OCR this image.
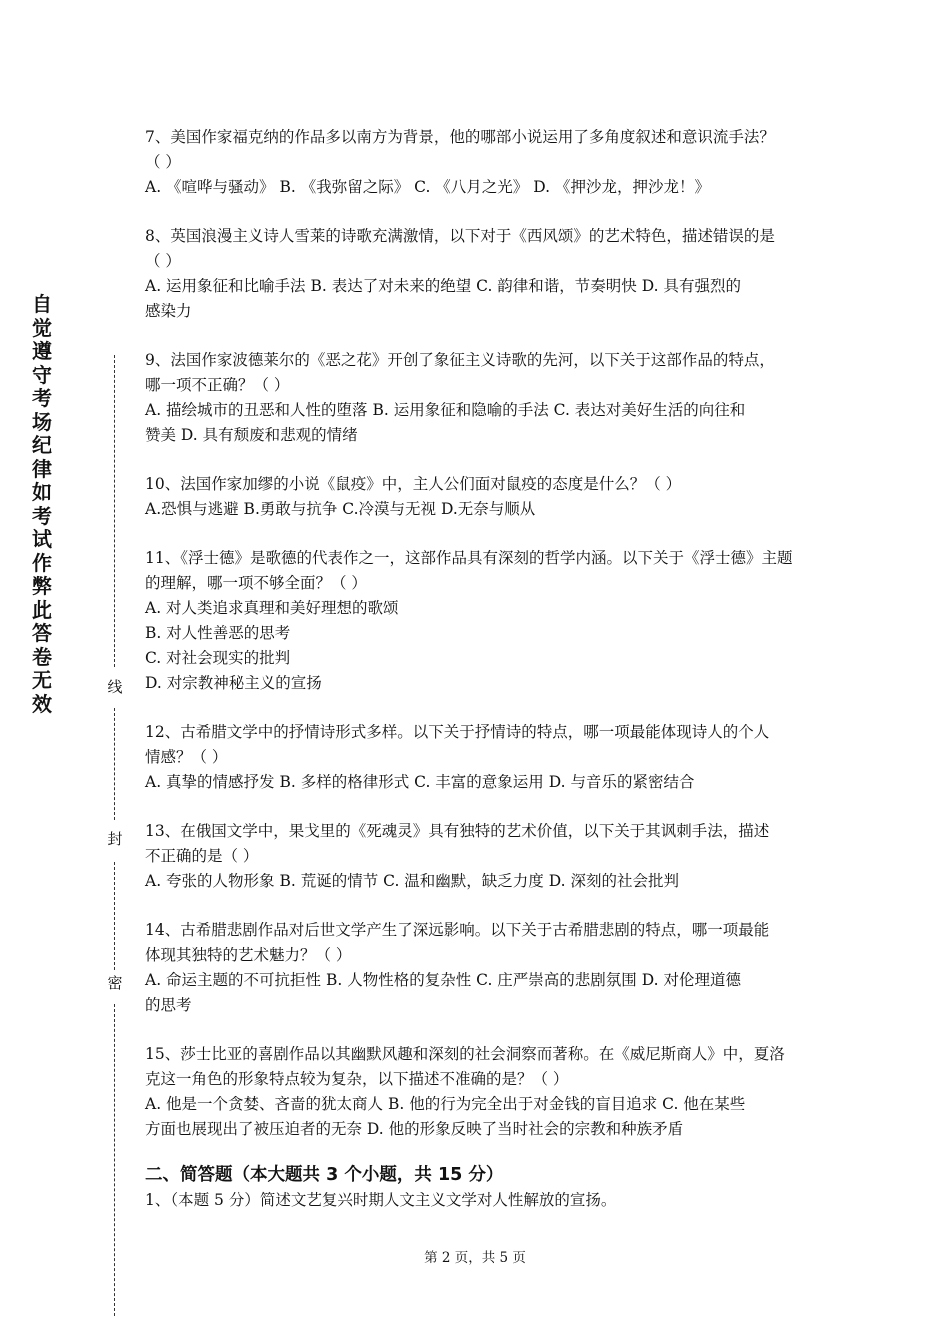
自
觉
遵
守
考
场
纪
律
如
考
试
作
弊
此
答
卷
无
效
线
封
密

7、美国作家福克纳的作品多以南方为背景，他的哪部小说运用了多角度叙述和意识流手法？

（ ）

A. 《喧哗与骚动》 B. 《我弥留之际》 C. 《八月之光》 D. 《押沙龙，押沙龙！》

8、英国浪漫主义诗人雪莱的诗歌充满激情，以下对于《西风颂》的艺术特色，描述错误的是

（ ）

A. 运用象征和比喻手法 B. 表达了对未来的绝望 C. 韵律和谐，节奏明快 D. 具有强烈的

感染力

9、法国作家波德莱尔的《恶之花》开创了象征主义诗歌的先河，以下关于这部作品的特点，

哪一项不正确？（ ）

A. 描绘城市的丑恶和人性的堕落 B. 运用象征和隐喻的手法 C. 表达对美好生活的向往和

赞美 D. 具有颓废和悲观的情绪

10、法国作家加缪的小说《鼠疫》中，主人公们面对鼠疫的态度是什么？（ ）

A.恐惧与逃避 B.勇敢与抗争 C.冷漠与无视 D.无奈与顺从

11、《浮士德》是歌德的代表作之一，这部作品具有深刻的哲学内涵。以下关于《浮士德》主题

的理解，哪一项不够全面？（ ）

A. 对人类追求真理和美好理想的歌颂

B. 对人性善恶的思考

C. 对社会现实的批判

D. 对宗教神秘主义的宣扬

12、古希腊文学中的抒情诗形式多样。以下关于抒情诗的特点，哪一项最能体现诗人的个人

情感？（ ）

A. 真挚的情感抒发 B. 多样的格律形式 C. 丰富的意象运用 D. 与音乐的紧密结合

13、在俄国文学中，果戈里的《死魂灵》具有独特的艺术价值，以下关于其讽刺手法，描述

不正确的是（ ）

A. 夸张的人物形象 B. 荒诞的情节 C. 温和幽默，缺乏力度 D. 深刻的社会批判

14、古希腊悲剧作品对后世文学产生了深远影响。以下关于古希腊悲剧的特点，哪一项最能

体现其独特的艺术魅力？（ ）

A. 命运主题的不可抗拒性 B. 人物性格的复杂性 C. 庄严崇高的悲剧氛围 D. 对伦理道德

的思考

15、莎士比亚的喜剧作品以其幽默风趣和深刻的社会洞察而著称。在《威尼斯商人》中，夏洛

克这一角色的形象特点较为复杂，以下描述不准确的是？（ ）

A. 他是一个贪婪、吝啬的犹太商人 B. 他的行为完全出于对金钱的盲目追求 C. 他在某些

方面也展现出了被压迫者的无奈 D. 他的形象反映了当时社会的宗教和种族矛盾

二、简答题（本大题共 3 个小题，共 15 分）

1、（本题 5 分）简述文艺复兴时期人文主义文学对人性解放的宣扬。

第 2 页，共 5 页
